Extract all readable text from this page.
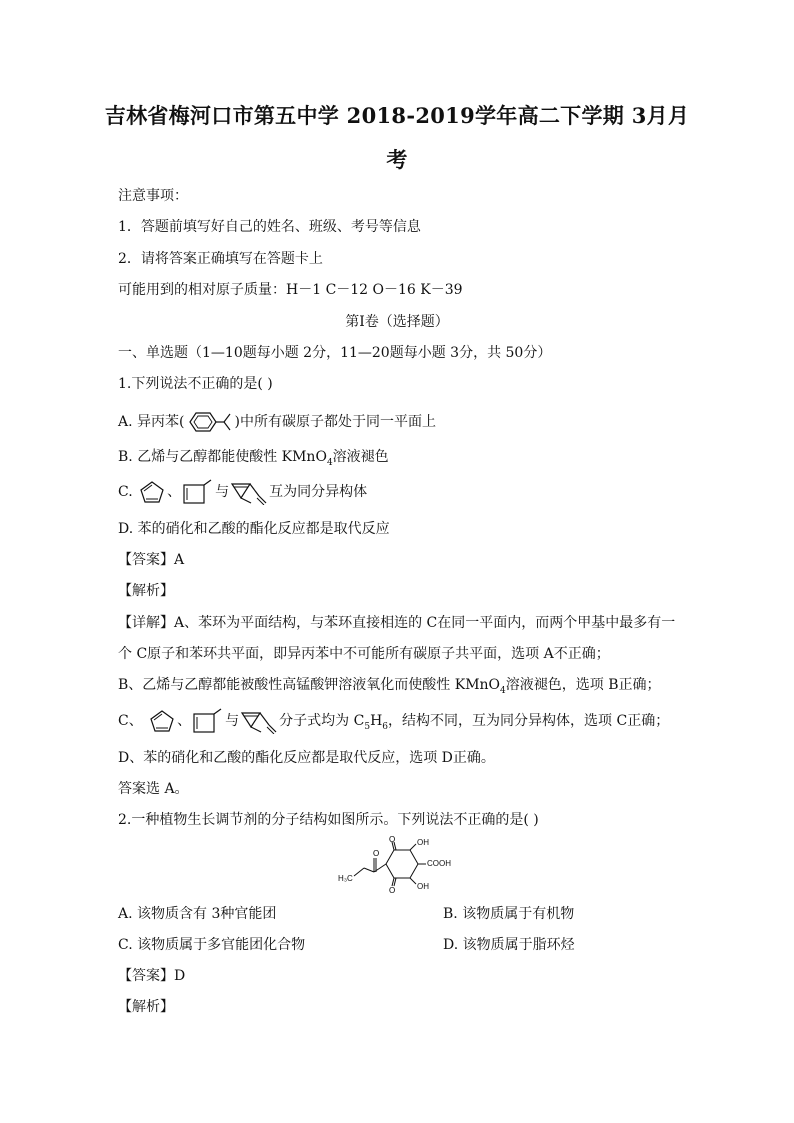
吉林省梅河口市第五中学 2018-2019学年高二下学期 3月月
考
注意事项：
1．答题前填写好自己的姓名、班级、考号等信息
2．请将答案正确填写在答题卡上
可能用到的相对原子质量：H－1 C－12 O－16 K－39
第I卷（选择题）
一、单选题（1—10题每小题 2分，11—20题每小题 3分，共 50分）
1.下列说法不正确的是( )
A. 异丙苯(	)中所有碳原子都处于同一平面上
B. 乙烯与乙醇都能使酸性 KMnO$_4$溶液褪色
C. 、 与	互为同分异构体
D. 苯的硝化和乙酸的酯化反应都是取代反应
【答案】A
【解析】
【详解】A、苯环为平面结构，与苯环直接相连的 C在同一平面内，而两个甲基中最多有一
个 C原子和苯环共平面，即异丙苯中不可能所有碳原子共平面，选项 A不正确；
B、乙烯与乙醇都能被酸性高锰酸钾溶液氧化而使酸性 KMnO$_4$溶液褪色，选项 B正确；
C、 、 与	分子式均为 $C_5H_6$，结构不同，互为同分异构体，选项 C正确；
D、苯的硝化和乙酸的酯化反应都是取代反应，选项 D正确。
答案选 A。
2.一种植物生长调节剂的分子结构如图所示。下列说法不正确的是( )
O
O
O
OH
COOH
OH
H₃C
A. 该物质含有 3种官能团	B. 该物质属于有机物
C. 该物质属于多官能团化合物	D. 该物质属于脂环烃
【答案】D
【解析】
